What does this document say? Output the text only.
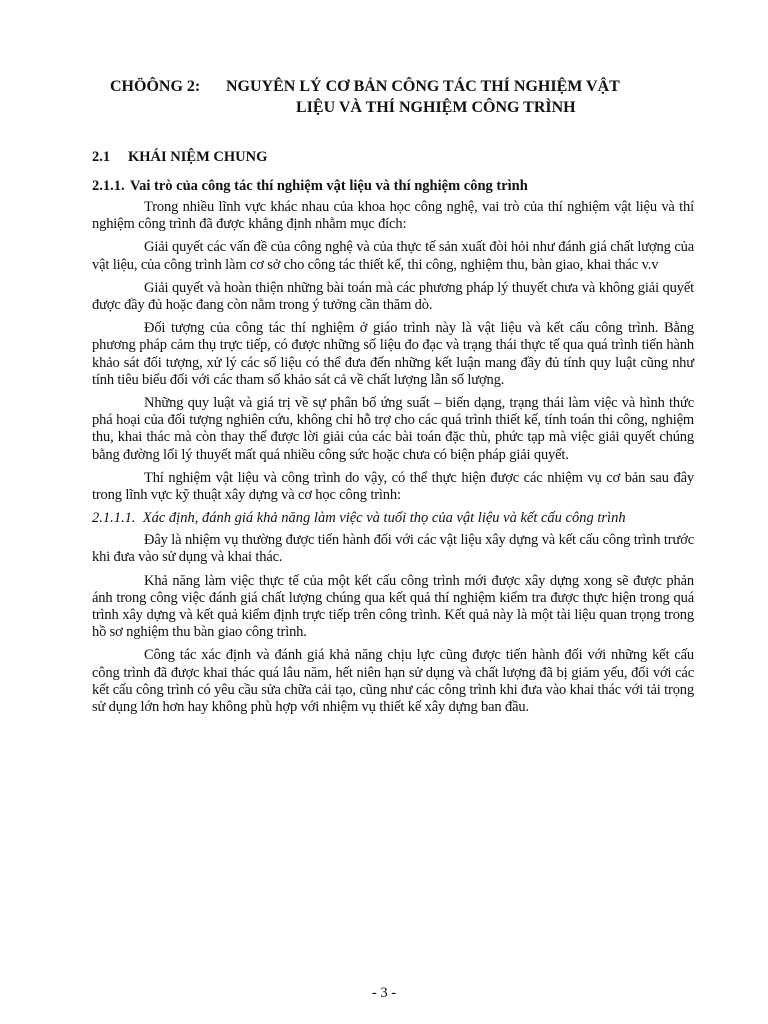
CHÖÔNG 2: NGUYÊN LÝ CƠ BẢN CÔNG TÁC THÍ NGHIỆM VẬT
LIỆU VÀ THÍ NGHIỆM CÔNG TRÌNH
2.1 KHÁI NIỆM CHUNG
2.1.1. Vai trò của công tác thí nghiệm vật liệu và thí nghiệm công trình

Trong nhiều lĩnh vực khác nhau của khoa học công nghệ, vai trò của thí nghiệm vật liệu và thí nghiệm công trình đã được khẳng định nhằm mục đích:

Giải quyết các vấn đề của công nghệ và của thực tế sản xuất đòi hỏi như đánh giá chất lượng của vật liệu, của công trình làm cơ sở cho công tác thiết kế, thi công, nghiệm thu, bàn giao, khai thác v.v

Giải quyết và hoàn thiện những bài toán mà các phương pháp lý thuyết chưa và không giải quyết được đầy đủ hoặc đang còn nằm trong ý tưởng cần thăm dò.

Đối tượng của công tác thí nghiệm ở giáo trình này là vật liệu và kết cấu công trình. Bằng phương pháp cảm thụ trực tiếp, có được những số liệu đo đạc và trạng thái thực tế qua quá trình tiến hành khảo sát đối tượng, xử lý các số liệu có thể đưa đến những kết luận mang đầy đủ tính quy luật cũng như tính tiêu biểu đối với các tham số khảo sát cả về chất lượng lẫn số lượng.

Những quy luật và giá trị về sự phân bố ứng suất – biến dạng, trạng thái làm việc và hình thức phá hoại của đối tượng nghiên cứu, không chỉ hỗ trợ cho các quá trình thiết kế, tính toán thi công, nghiệm thu, khai thác mà còn thay thế được lời giải của các bài toán đặc thù, phức tạp mà việc giải quyết chúng bằng đường lối lý thuyết mất quá nhiều công sức hoặc chưa có biện pháp giải quyết.

Thí nghiệm vật liệu và công trình do vậy, có thể thực hiện được các nhiệm vụ cơ bản sau đây trong lĩnh vực kỹ thuật xây dựng và cơ học công trình:

2.1.1.1. Xác định, đánh giá khả năng làm việc và tuổi thọ của vật liệu và kết cấu công trình

Đây là nhiệm vụ thường được tiến hành đối với các vật liệu xây dựng và kết cấu công trình trước khi đưa vào sử dụng và khai thác.

Khả năng làm việc thực tế của một kết cấu công trình mới được xây dựng xong sẽ được phản ánh trong công việc đánh giá chất lượng chúng qua kết quả thí nghiệm kiểm tra được thực hiện trong quá trình xây dựng và kết quả kiểm định trực tiếp trên công trình. Kết quả này là một tài liệu quan trọng trong hồ sơ nghiệm thu bàn giao công trình.

Công tác xác định và đánh giá khả năng chịu lực cũng được tiến hành đối với những kết cấu công trình đã được khai thác quá lâu năm, hết niên hạn sử dụng và chất lượng đã bị giảm yếu, đối với các kết cấu công trình có yêu cầu sửa chữa cải tạo, cũng như các công trình khi đưa vào khai thác với tải trọng sử dụng lớn hơn hay không phù hợp với nhiệm vụ thiết kế xây dựng ban đầu.

- 3 -
